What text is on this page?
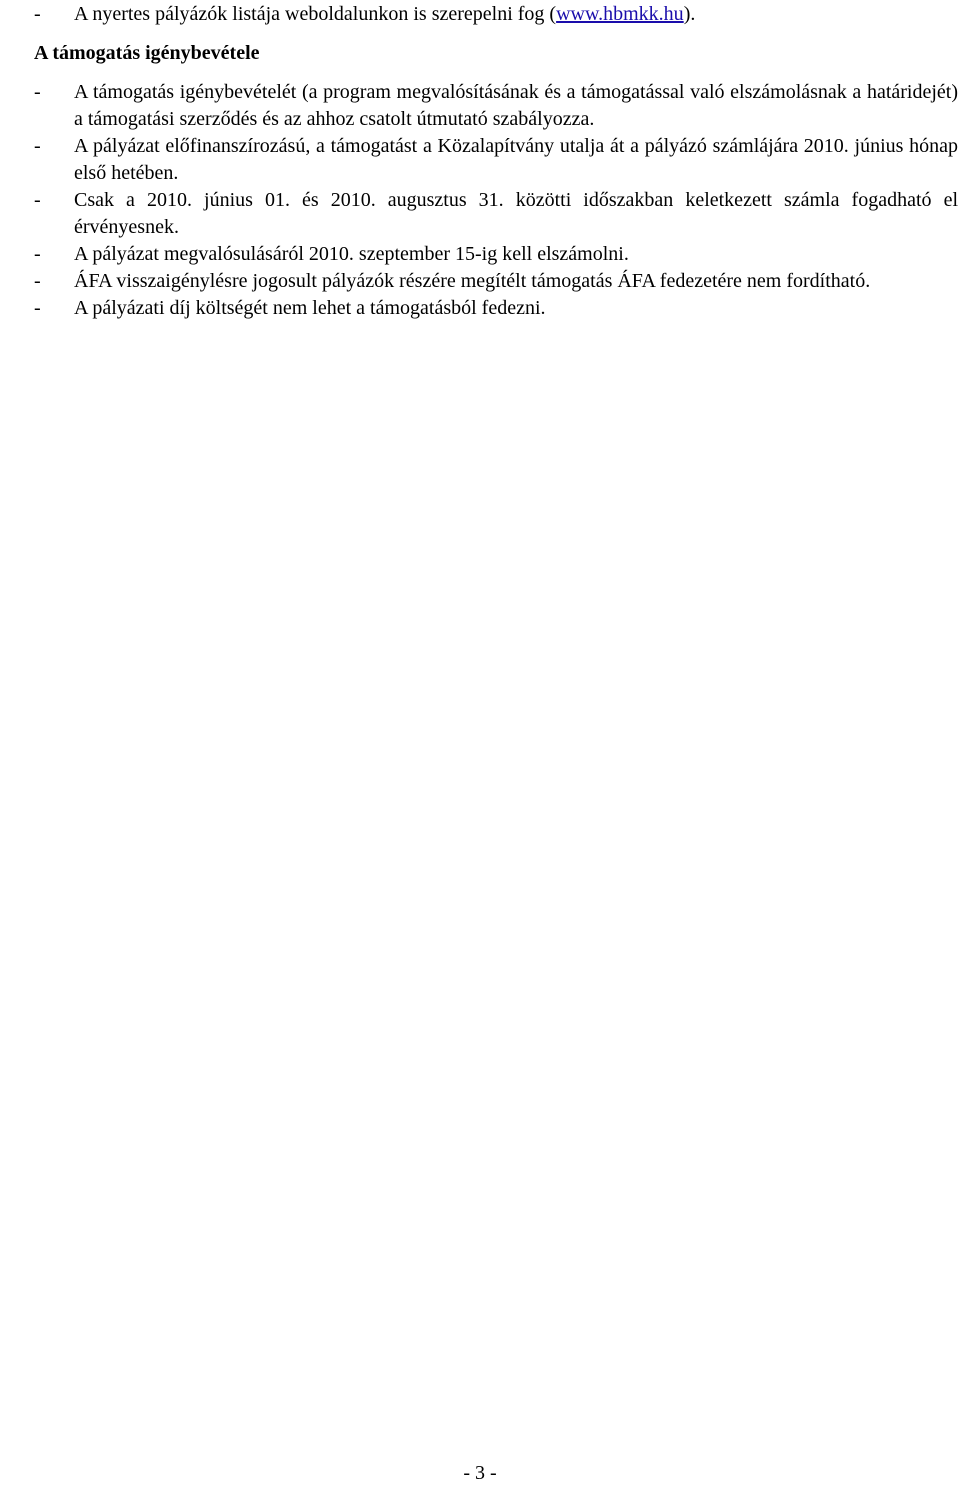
-	A nyertes pályázók listája weboldalunkon is szerepelni fog (www.hbmkk.hu).
A támogatás igénybevétele
-	A támogatás igénybevételét (a program megvalósításának és a támogatással való elszámolásnak a határidejét) a támogatási szerződés és az ahhoz csatolt útmutató szabályozza.
-	A pályázat előfinanszírozású, a támogatást a Közalapítvány utalja át a pályázó számlájára 2010. június hónap első hetében.
-	Csak a 2010. június 01. és 2010. augusztus 31. közötti időszakban keletkezett számla fogadható el érvényesnek.
-	A pályázat megvalósulásáról 2010. szeptember 15-ig kell elszámolni.
-	ÁFA visszaigénylésre jogosult pályázók részére megítélt támogatás ÁFA fedezetére nem fordítható.
-	A pályázati díj költségét nem lehet a támogatásból fedezni.
- 3 -
